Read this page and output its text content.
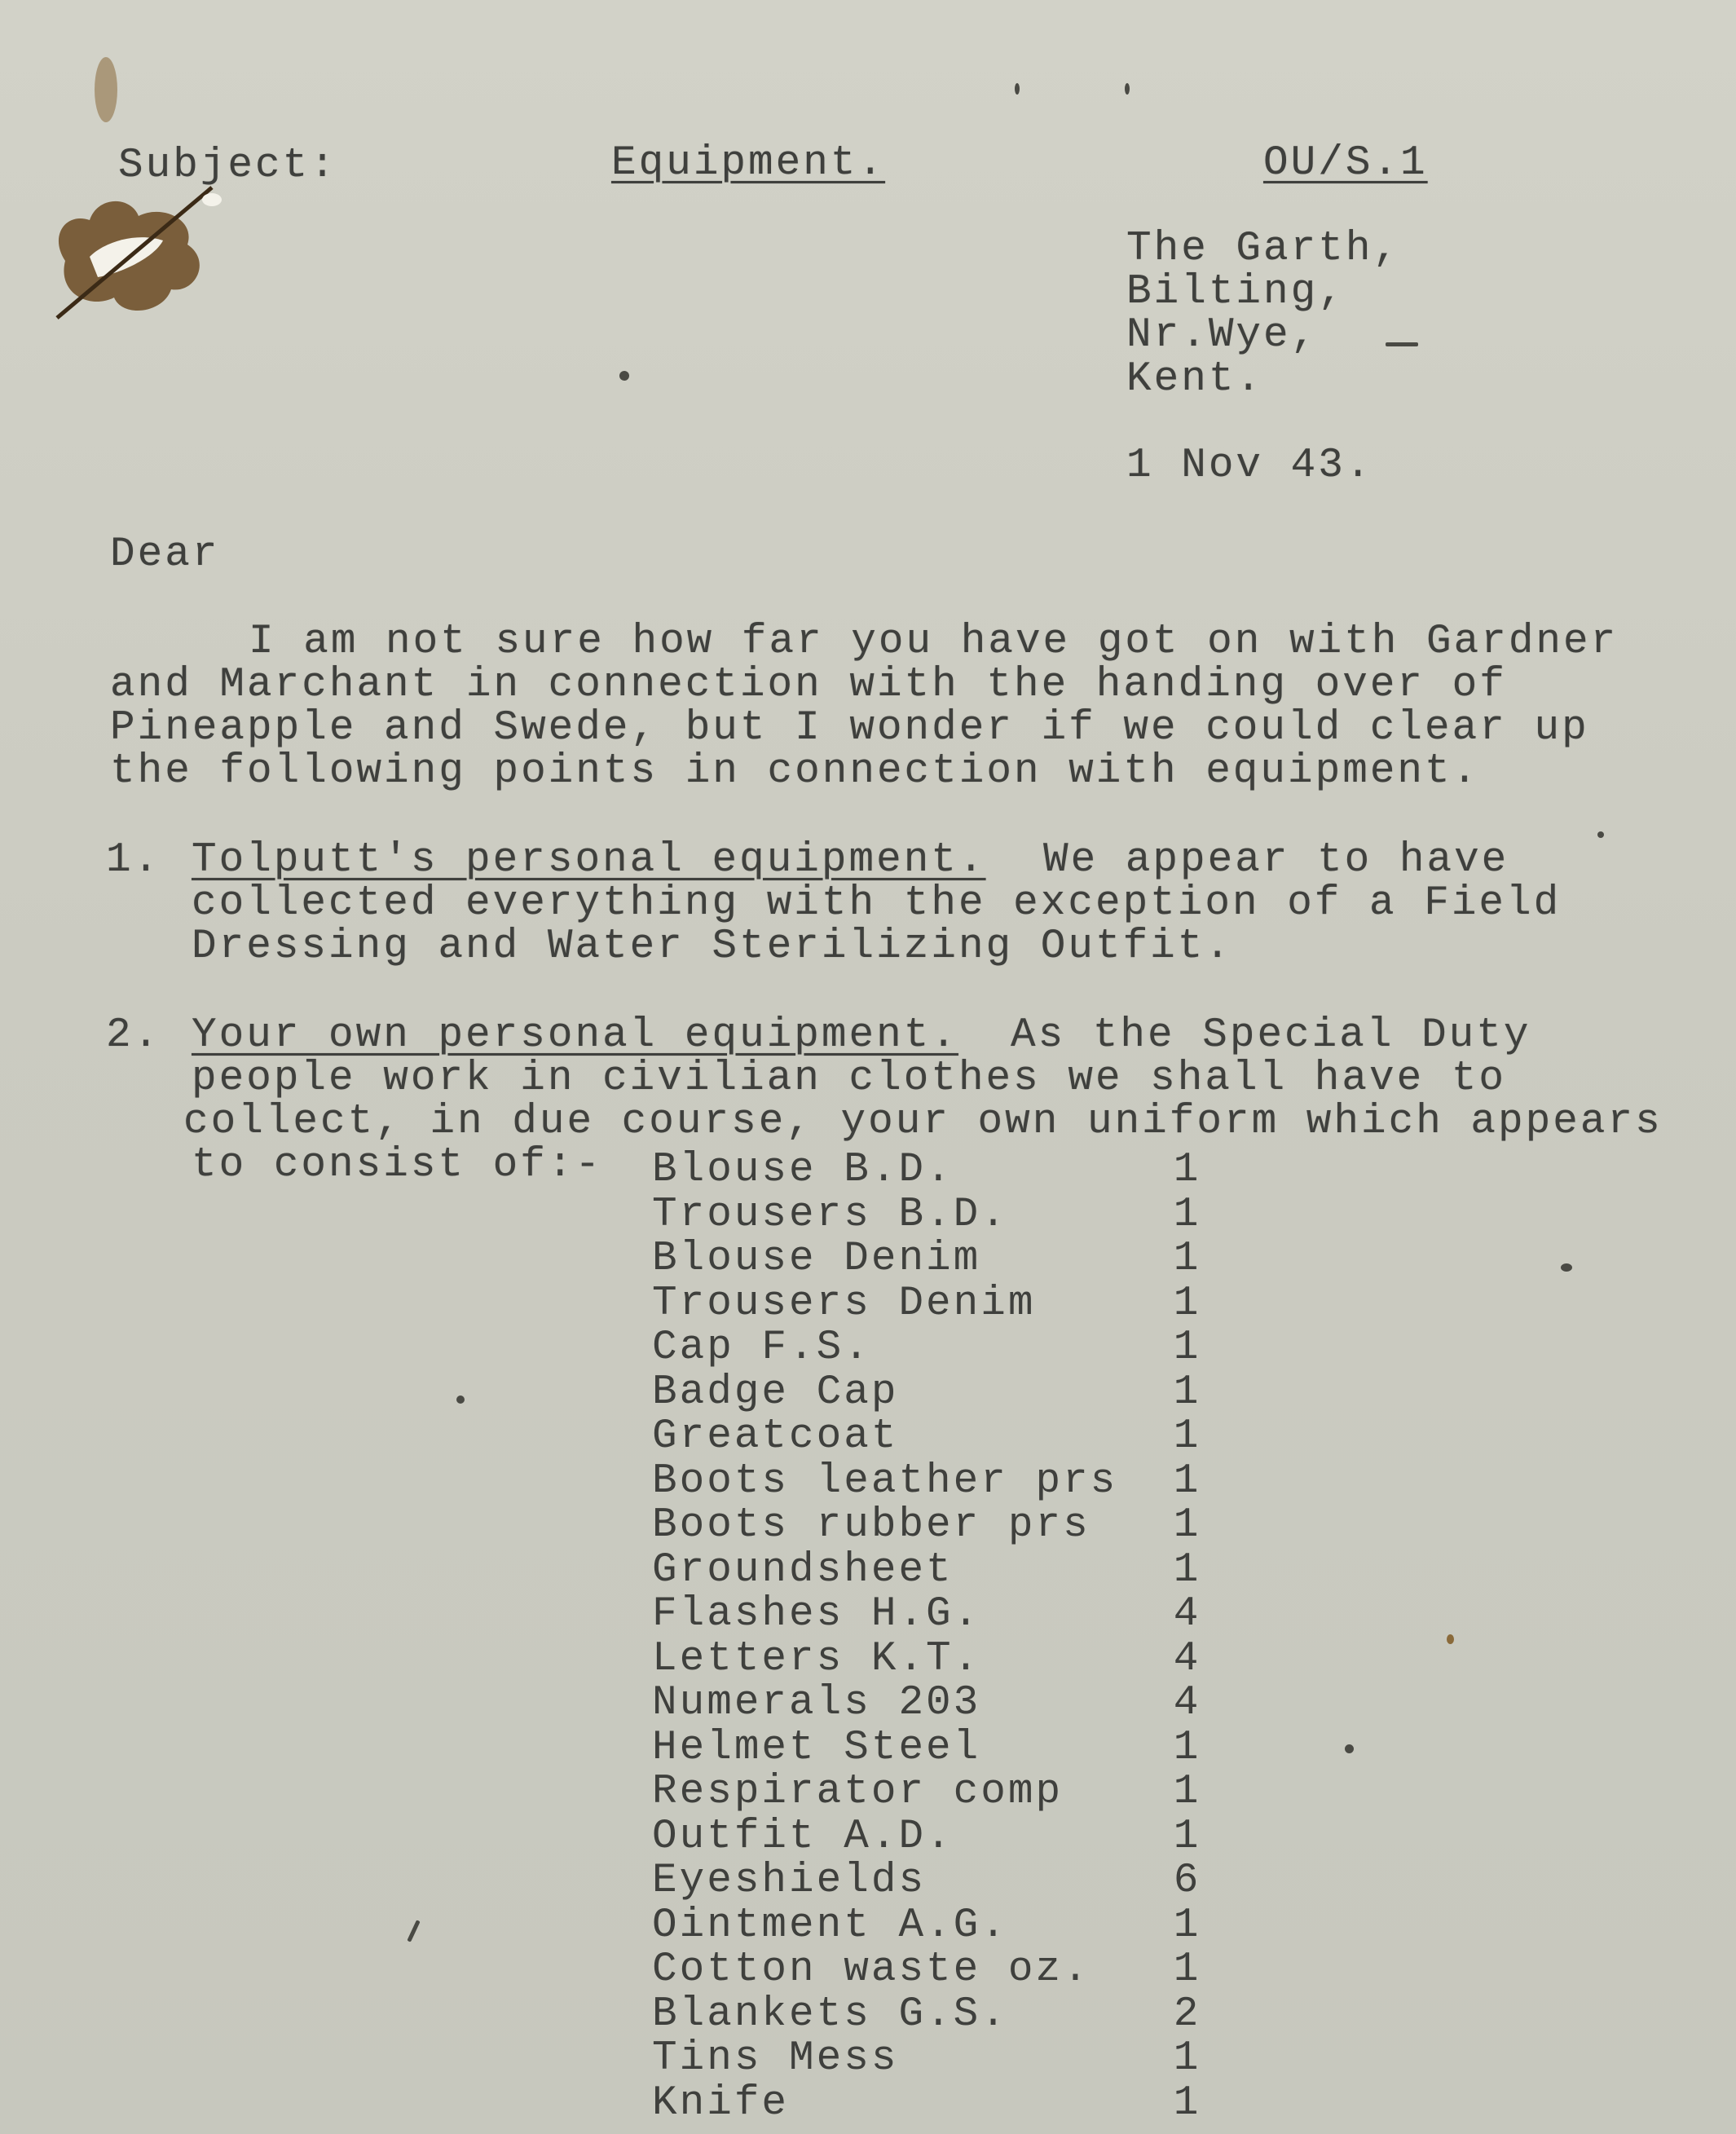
Subject:	Equipment.	OU/S.1
The Garth,
Bilting,
Nr.Wye,
Kent.
1 Nov 43.
Dear
I am not sure how far you have got on with Gardner
and Marchant in connection with the handing over of
Pineapple and Swede, but I wonder if we could clear up
the following points in connection with equipment.
1. Tolputt's personal equipment. We appear to have
collected everything with the exception of a Field
Dressing and Water Sterilizing Outfit.
2. Your own personal equipment. As the Special Duty
people work in civilian clothes we shall have to
collect, in due course, your own uniform which appears
to consist of:- Blouse B.D.	1
Trousers B.D.	1
Blouse Denim	1
Trousers Denim	1
Cap F.S.	1
Badge Cap	1
Greatcoat	1
Boots leather prs 1
Boots rubber prs 1
Groundsheet	1
Flashes H.G.	4
Letters K.T.	4
Numerals 203	4
Helmet Steel	1
Respirator comp	1
Outfit A.D.	1
Eyeshields	6
Ointment A.G.	1
Cotton waste oz. 1
Blankets G.S.	2
Tins Mess	1
Knife	1
